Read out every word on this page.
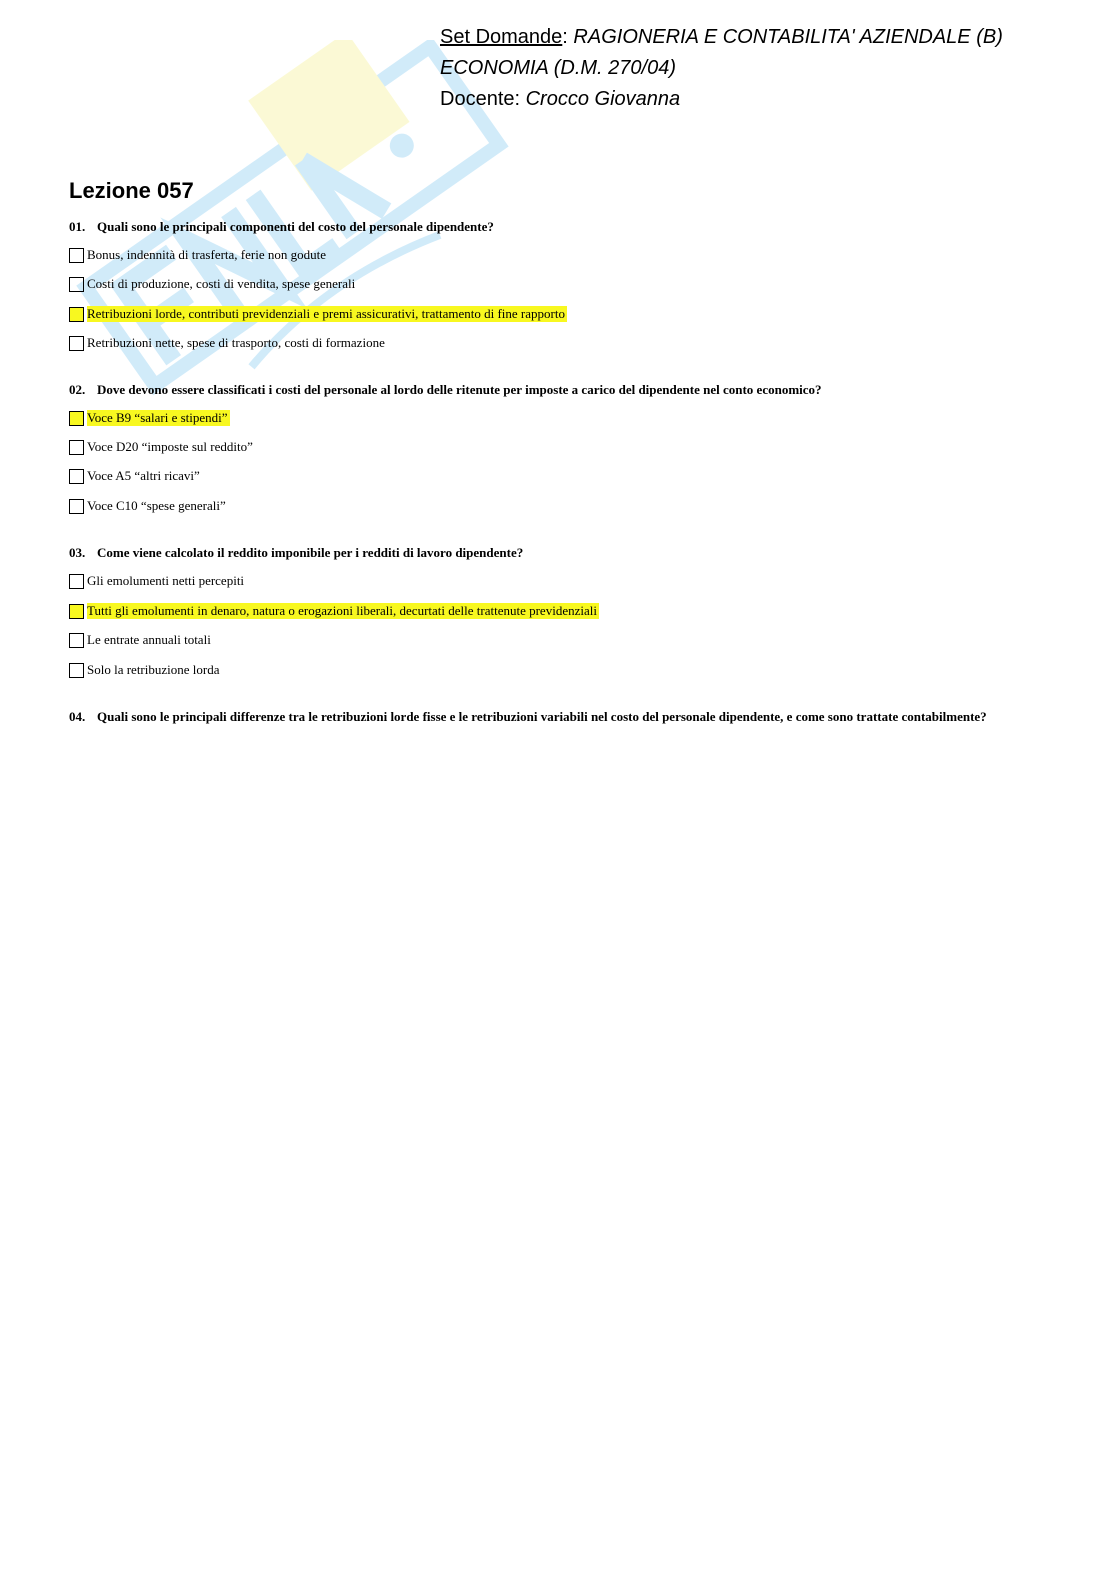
Set Domande: RAGIONERIA E CONTABILITA' AZIENDALE (B)
ECONOMIA (D.M. 270/04)
Docente: Crocco Giovanna
Lezione 057
01. Quali sono le principali componenti del costo del personale dipendente?
Bonus, indennità di trasferta, ferie non godute
Costi di produzione, costi di vendita, spese generali
Retribuzioni lorde, contributi previdenziali e premi assicurativi, trattamento di fine rapporto
Retribuzioni nette, spese di trasporto, costi di formazione
02. Dove devono essere classificati i costi del personale al lordo delle ritenute per imposte a carico del dipendente nel conto economico?
Voce B9 “salari e stipendi”
Voce D20 “imposte sul reddito”
Voce A5 “altri ricavi”
Voce C10 “spese generali”
03. Come viene calcolato il reddito imponibile per i redditi di lavoro dipendente?
Gli emolumenti netti percepiti
Tutti gli emolumenti in denaro, natura o erogazioni liberali, decurtati delle trattenute previdenziali
Le entrate annuali totali
Solo la retribuzione lorda
04. Quali sono le principali differenze tra le retribuzioni lorde fisse e le retribuzioni variabili nel costo del personale dipendente, e come sono trattate contabilmente?
